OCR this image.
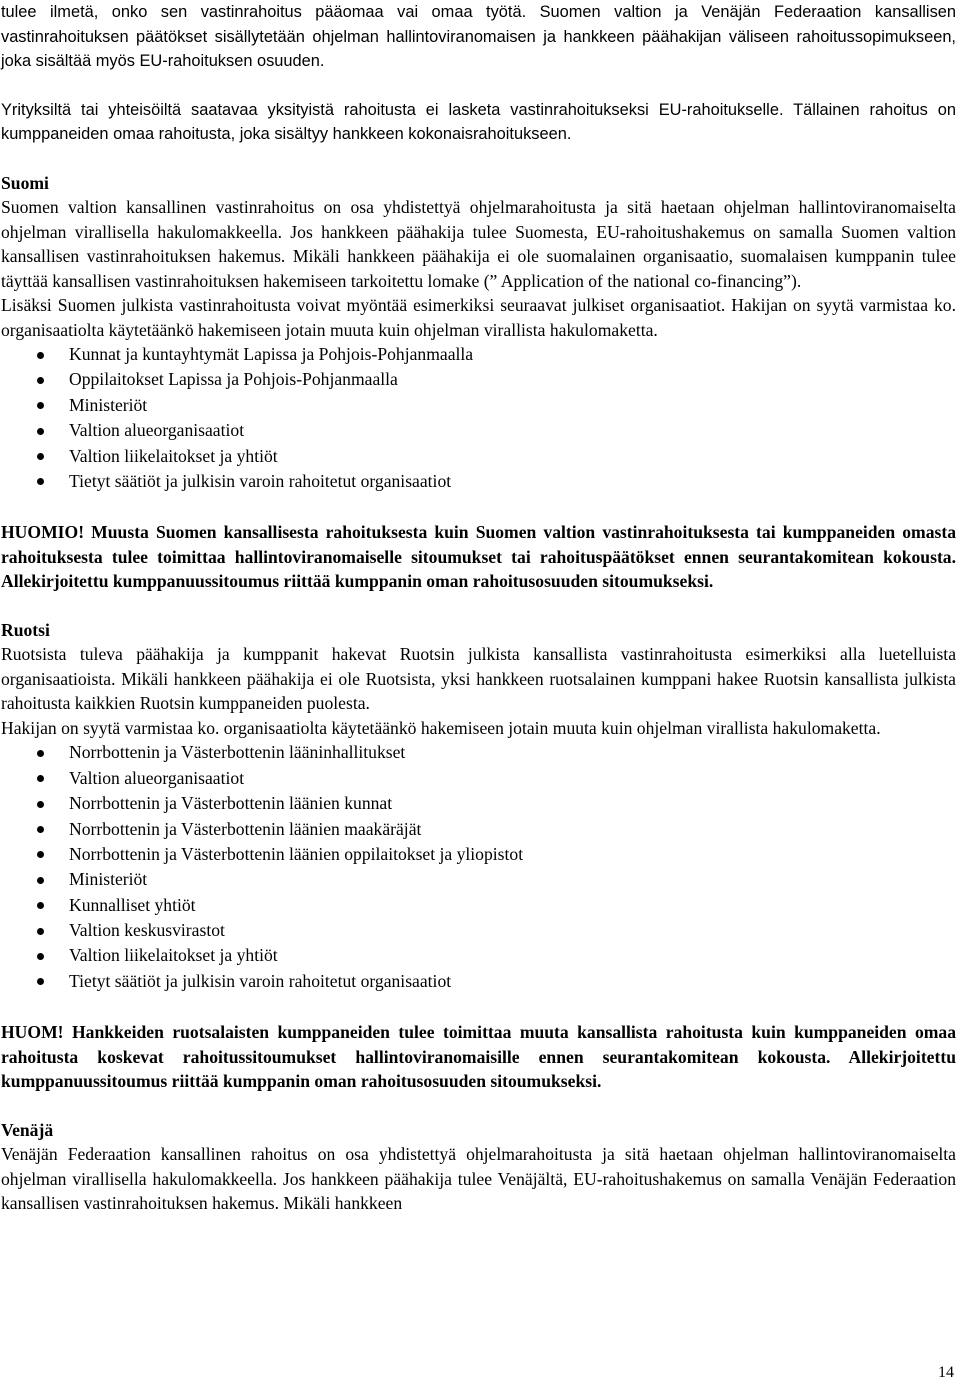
tulee ilmetä, onko sen vastinrahoitus pääomaa vai omaa työtä. Suomen valtion ja Venäjän Federaation kansallisen vastinrahoituksen päätökset sisällytetään ohjelman hallintoviranomaisen ja hankkeen päähakijan väliseen rahoitussopimukseen, joka sisältää myös EU-rahoituksen osuuden.

Yrityksiltä tai yhteisöiltä saatavaa yksityistä rahoitusta ei lasketa vastinrahoitukseksi EU-rahoitukselle. Tällainen rahoitus on kumppaneiden omaa rahoitusta, joka sisältyy hankkeen kokonaisrahoitukseen.

Suomi

Suomen valtion kansallinen vastinrahoitus on osa yhdistettyä ohjelmarahoitusta ja sitä haetaan ohjelman hallintoviranomaiselta ohjelman virallisella hakulomakkeella. Jos hankkeen päähakija tulee Suomesta, EU-rahoitushakemus on samalla Suomen valtion kansallisen vastinrahoituksen hakemus. Mikäli hankkeen päähakija ei ole suomalainen organisaatio, suomalaisen kumppanin tulee täyttää kansallisen vastinrahoituksen hakemiseen tarkoitettu lomake (” Application of the national co-financing”).

Lisäksi Suomen julkista vastinrahoitusta voivat myöntää esimerkiksi seuraavat julkiset organisaatiot. Hakijan on syytä varmistaa ko. organisaatiolta käytetäänkö hakemiseen jotain muuta kuin ohjelman virallista hakulomaketta.

Kunnat ja kuntayhtymät Lapissa ja Pohjois-Pohjanmaalla
Oppilaitokset Lapissa ja Pohjois-Pohjanmaalla
Ministeriöt
Valtion alueorganisaatiot
Valtion liikelaitokset ja yhtiöt
Tietyt säätiöt ja julkisin varoin rahoitetut organisaatiot

HUOMIO! Muusta Suomen kansallisesta rahoituksesta kuin Suomen valtion vastinrahoituksesta tai kumppaneiden omasta rahoituksesta tulee toimittaa hallintoviranomaiselle sitoumukset tai rahoituspäätökset ennen seurantakomitean kokousta. Allekirjoitettu kumppanuussitoumus riittää kumppanin oman rahoitusosuuden sitoumukseksi.

Ruotsi

Ruotsista tuleva päähakija ja kumppanit hakevat Ruotsin julkista kansallista vastinrahoitusta esimerkiksi alla luetelluista organisaatioista. Mikäli hankkeen päähakija ei ole Ruotsista, yksi hankkeen ruotsalainen kumppani hakee Ruotsin kansallista julkista rahoitusta kaikkien Ruotsin kumppaneiden puolesta.

Hakijan on syytä varmistaa ko. organisaatiolta käytetäänkö hakemiseen jotain muuta kuin ohjelman virallista hakulomaketta.

Norrbottenin ja Västerbottenin lääninhallitukset
Valtion alueorganisaatiot
Norrbottenin ja Västerbottenin läänien kunnat
Norrbottenin ja Västerbottenin läänien maakäräjät
Norrbottenin ja Västerbottenin läänien oppilaitokset ja yliopistot
Ministeriöt
Kunnalliset yhtiöt
Valtion keskusvirastot
Valtion liikelaitokset ja yhtiöt
Tietyt säätiöt ja julkisin varoin rahoitetut organisaatiot

HUOM! Hankkeiden ruotsalaisten kumppaneiden tulee toimittaa muuta kansallista rahoitusta kuin kumppaneiden omaa rahoitusta koskevat rahoitussitoumukset hallintoviranomaisille ennen seurantakomitean kokousta. Allekirjoitettu kumppanuussitoumus riittää kumppanin oman rahoitusosuuden sitoumukseksi.

Venäjä

Venäjän Federaation kansallinen rahoitus on osa yhdistettyä ohjelmarahoitusta ja sitä haetaan ohjelman hallintoviranomaiselta ohjelman virallisella hakulomakkeella. Jos hankkeen päähakija tulee Venäjältä, EU-rahoitushakemus on samalla Venäjän Federaation kansallisen vastinrahoituksen hakemus. Mikäli hankkeen

14
